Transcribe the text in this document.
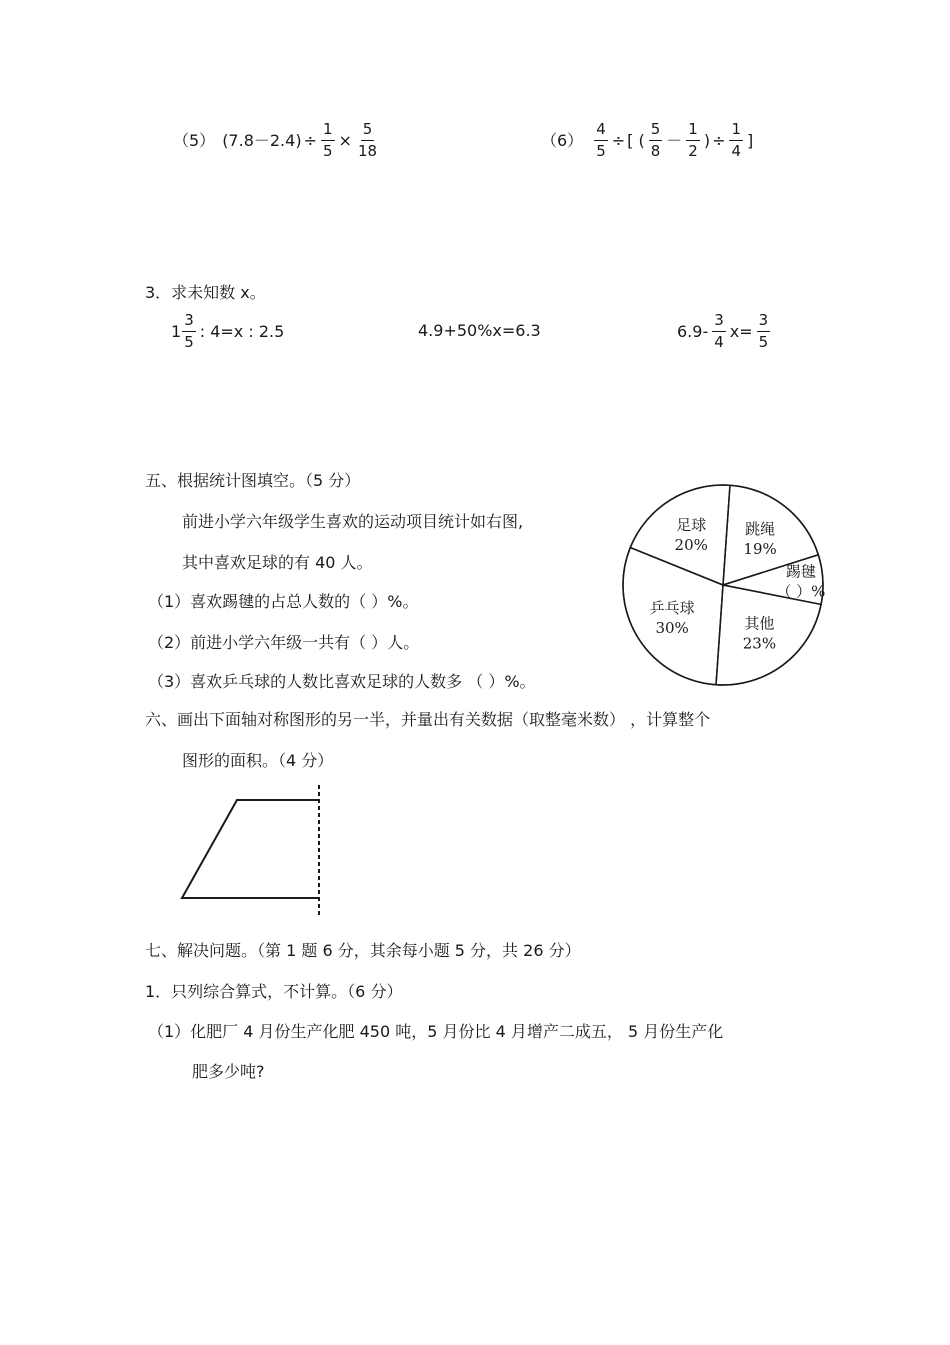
（5） $(7.8-2.4) \div \frac{1}{5} \times \frac{5}{18}$	$(6) \frac{4}{5}$ ÷ [ ( $\frac{5}{8} - \frac{1}{2}$ ) ÷ $\frac{1}{4}$ ]
3．求未知数 x。
$1 \frac{3}{5}$ : 4=x : 2.5	4.9+50%x=6.3	$6.9- \frac{3}{4} x= \frac{3}{5}$
五、根据统计图填空。（5 分）
前进小学六年级学生喜欢的运动项目统计如右图,
其中喜欢足球的有 40 人。
（1）喜欢踢毽的占总人数的（ ）%。
（2）前进小学六年级一共有（ ）人。
（3）喜欢乒乓球的人数比喜欢足球的人数多 （ ）%。
足球
20%
跳绳
19%
踢毽
（ ）%
其他
23%
乒乓球
30%
六、画出下面轴对称图形的另一半，并量出有关数据（取整毫米数） ，计算整个
图形的面积。（4 分）
七、解决问题。（第 1 题 6 分，其余每小题 5 分，共 26 分）
1．只列综合算式，不计算。（6 分）
（1）化肥厂 4 月份生产化肥 450 吨，5 月份比 4 月增产二成五， 5 月份生产化
肥多少吨?
